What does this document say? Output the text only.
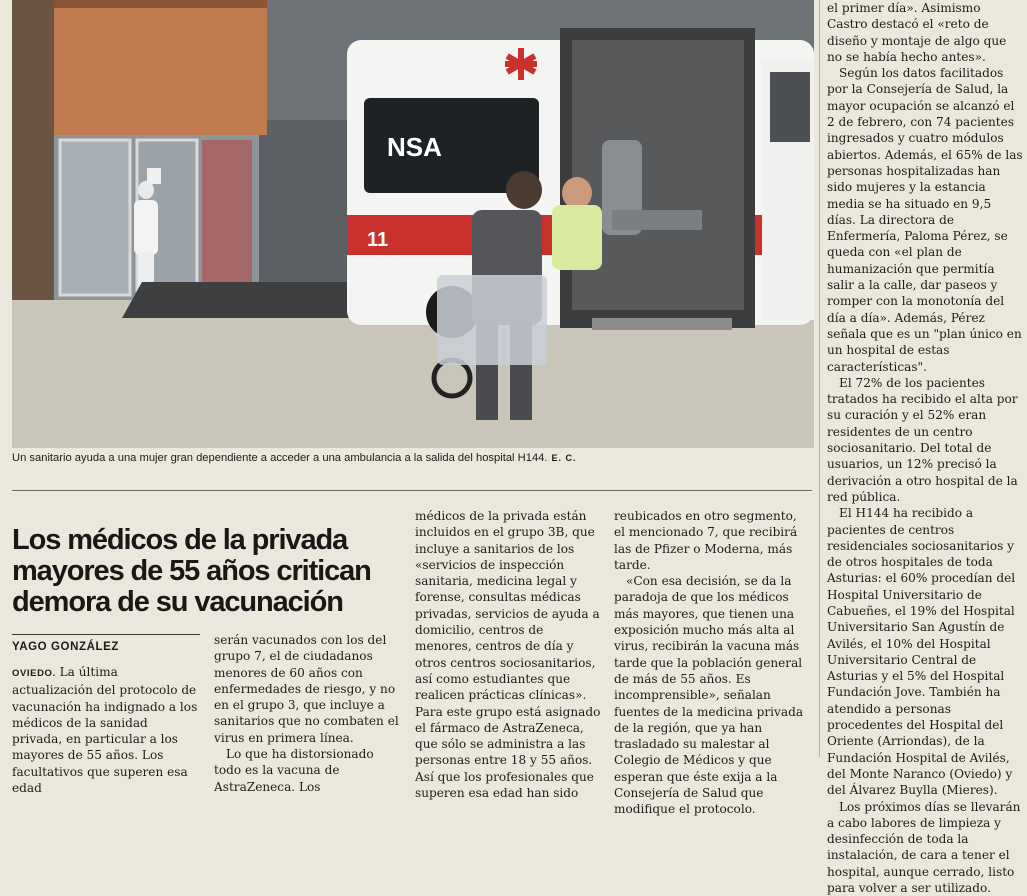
NSA
11
Un sanitario ayuda a una mujer gran dependiente a acceder a una ambulancia a la salida del hospital H144. E. C.
Los médicos de la privada mayores de 55 años critican demora de su vacunación
YAGO GONZÁLEZ

OVIEDO. La última actualización del protocolo de vacunación ha indignado a los médicos de la sanidad privada, en particular a los mayores de 55 años. Los facultativos que superen esa edad

serán vacunados con los del grupo 7, el de ciudadanos menores de 60 años con enfermedades de riesgo, y no en el grupo 3, que incluye a sanitarios que no combaten el virus en primera línea.

Lo que ha distorsionado todo es la vacuna de AstraZeneca. Los

médicos de la privada están incluidos en el grupo 3B, que incluye a sanitarios de los «servicios de inspección sanitaria, medicina legal y forense, consultas médicas privadas, servicios de ayuda a domicilio, centros de menores, centros de día y otros centros sociosanitarios, así como estudiantes que realicen prácticas clínicas». Para este grupo está asignado el fármaco de AstraZeneca, que sólo se administra a las personas entre 18 y 55 años. Así que los profesionales que superen esa edad han sido

reubicados en otro segmento, el mencionado 7, que recibirá las de Pfizer o Moderna, más tarde.

«Con esa decisión, se da la paradoja de que los médicos más mayores, que tienen una exposición mucho más alta al virus, recibirán la vacuna más tarde que la población general de más de 55 años. Es incomprensible», señalan fuentes de la medicina privada de la región, que ya han trasladado su malestar al Colegio de Médicos y que esperan que éste exija a la Consejería de Salud que modifique el protocolo.

el primer día». Asimismo Castro destacó el «reto de diseño y montaje de algo que no se había hecho antes».

Según los datos facilitados por la Consejería de Salud, la mayor ocupación se alcanzó el 2 de febrero, con 74 pacientes ingresados y cuatro módulos abiertos. Además, el 65% de las personas hospitalizadas han sido mujeres y la estancia media se ha situado en 9,5 días. La directora de Enfermería, Paloma Pérez, se queda con «el plan de humanización que permitía salir a la calle, dar paseos y romper con la monotonía del día a día». Además, Pérez señala que es un "plan único en un hospital de estas características".

El 72% de los pacientes tratados ha recibido el alta por su curación y el 52% eran residentes de un centro sociosanitario. Del total de usuarios, un 12% precisó la derivación a otro hospital de la red pública.

El H144 ha recibido a pacientes de centros residenciales sociosanitarios y de otros hospitales de toda Asturias: el 60% procedían del Hospital Universitario de Cabueñes, el 19% del Hospital Universitario San Agustín de Avilés, el 10% del Hospital Universitario Central de Asturias y el 5% del Hospital Fundación Jove. También ha atendido a personas procedentes del Hospital del Oriente (Arriondas), de la Fundación Hospital de Avilés, del Monte Naranco (Oviedo) y del Álvarez Buylla (Mieres).

Los próximos días se llevarán a cabo labores de limpieza y desinfección de toda la instalación, de cara a tener el hospital, aunque cerrado, listo para volver a ser utilizado.
